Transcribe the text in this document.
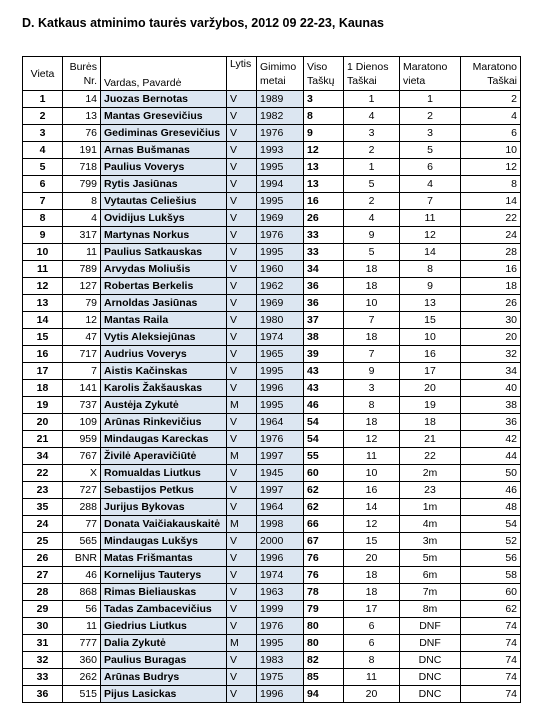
D. Katkaus atminimo taurės varžybos, 2012 09 22-23, Kaunas
Vieta	Burės Nr.	Vardas, Pavardė	Lytis	Gimimo metai	Viso Taškų	1 Dienos Taškai	Maratono vieta	Maratono Taškai
1	14	Juozas Bernotas	V	1989	3	1	1	2
2	13	Mantas Gresevičius	V	1982	8	4	2	4
3	76	Gediminas Gresevičius	V	1976	9	3	3	6
4	191	Arnas Bušmanas	V	1993	12	2	5	10
5	718	Paulius Voverys	V	1995	13	1	6	12
6	799	Rytis Jasiūnas	V	1994	13	5	4	8
7	8	Vytautas Celiešius	V	1995	16	2	7	14
8	4	Ovidijus Lukšys	V	1969	26	4	11	22
9	317	Martynas Norkus	V	1976	33	9	12	24
10	11	Paulius Satkauskas	V	1995	33	5	14	28
11	789	Arvydas Moliušis	V	1960	34	18	8	16
12	127	Robertas Berkelis	V	1962	36	18	9	18
13	79	Arnoldas Jasiūnas	V	1969	36	10	13	26
14	12	Mantas Raila	V	1980	37	7	15	30
15	47	Vytis Aleksiejūnas	V	1974	38	18	10	20
16	717	Audrius Voverys	V	1965	39	7	16	32
17	7	Aistis Kačinskas	V	1995	43	9	17	34
18	141	Karolis Žakšauskas	V	1996	43	3	20	40
19	737	Austėja Zykutė	M	1995	46	8	19	38
20	109	Arūnas Rinkevičius	V	1964	54	18	18	36
21	959	Mindaugas Kareckas	V	1976	54	12	21	42
34	767	Živilė Aperavičiūtė	M	1997	55	11	22	44
22	X	Romualdas Liutkus	V	1945	60	10	2m	50
23	727	Sebastijos Petkus	V	1997	62	16	23	46
35	288	Jurijus Bykovas	V	1964	62	14	1m	48
24	77	Donata Vaičiakauskaitė	M	1998	66	12	4m	54
25	565	Mindaugas Lukšys	V	2000	67	15	3m	52
26	BNR	Matas Frišmantas	V	1996	76	20	5m	56
27	46	Kornelijus Tauterys	V	1974	76	18	6m	58
28	868	Rimas Bieliauskas	V	1963	78	18	7m	60
29	56	Tadas Zambacevičius	V	1999	79	17	8m	62
30	11	Giedrius Liutkus	V	1976	80	6	DNF	74
31	777	Dalia Zykutė	M	1995	80	6	DNF	74
32	360	Paulius Buragas	V	1983	82	8	DNC	74
33	262	Arūnas Budrys	V	1975	85	11	DNC	74
36	515	Pijus Lasickas	V	1996	94	20	DNC	74
